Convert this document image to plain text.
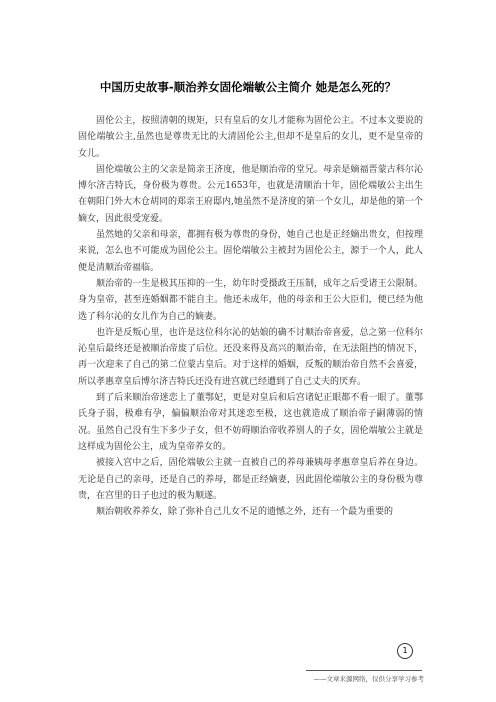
中国历史故事-顺治养女固伦端敏公主简介 她是怎么死的？

固伦公主，按照清朝的规矩，只有皇后的女儿才能称为固伦公主。不过本文要说的固伦端敏公主,虽然也是尊贵无比的大清固伦公主,但却不是皇后的女儿，更不是皇帝的女儿。

固伦端敏公主的父亲是简亲王济度，他是顺治帝的堂兄。母亲是嫡福晋蒙古科尔沁博尔济吉特氏，身份极为尊贵。公元1653年，也就是清顺治十年，固伦端敏公主出生在朝阳门外大木仓胡同的郑亲王府邸内,她虽然不是济度的第一个女儿，却是他的第一个嫡女，因此很受宠爱。

虽然她的父亲和母亲，都拥有极为尊贵的身份，她自己也是正经嫡出贵女，但按理来说，怎么也不可能成为固伦公主。固伦端敏公主被封为固伦公主，源于一个人，此人便是清顺治帝福临。

顺治帝的一生是极其压抑的一生，幼年时受摄政王压制，成年之后受诸王公限制。身为皇帝，甚至连婚姻都不能自主。他还未成年，他的母亲和王公大臣们，便已经为他选了科尔沁的女儿作为自己的嫡妻。

也许是反叛心里，也许是这位科尔沁的姑娘的确不讨顺治帝喜爱，总之第一位科尔沁皇后最终还是被顺治帝废了后位。还没来得及高兴的顺治帝，在无法阻挡的情况下，再一次迎来了自己的第二位蒙古皇后。对于这样的婚姻，反叛的顺治帝自然不会喜爱，所以孝惠章皇后博尔济吉特氏还没有进宫就已经遭到了自己丈夫的厌弃。

到了后来顺治帝迷恋上了董鄂妃，更是对皇后和后宫诸妃正眼都不看一眼了。董鄂氏身子弱，极难有孕，偏偏顺治帝对其迷恋至极，这也就造成了顺治帝子嗣薄弱的情况。虽然自己没有生下多少子女，但不妨碍顺治帝收养别人的子女，固伦端敏公主就是这样成为固伦公主，成为皇帝养女的。

被接入宫中之后，固伦端敏公主就一直被自己的养母兼姨母孝惠章皇后养在身边。无论是自己的亲母，还是自己的养母，都是正经嫡妻，因此固伦端敏公主的身份极为尊贵，在宫里的日子也过的极为顺遂。

顺治朝收养养女，除了弥补自己儿女不足的遗憾之外，还有一个最为重要的

1
——文章来源网络，仅供分享学习参考
